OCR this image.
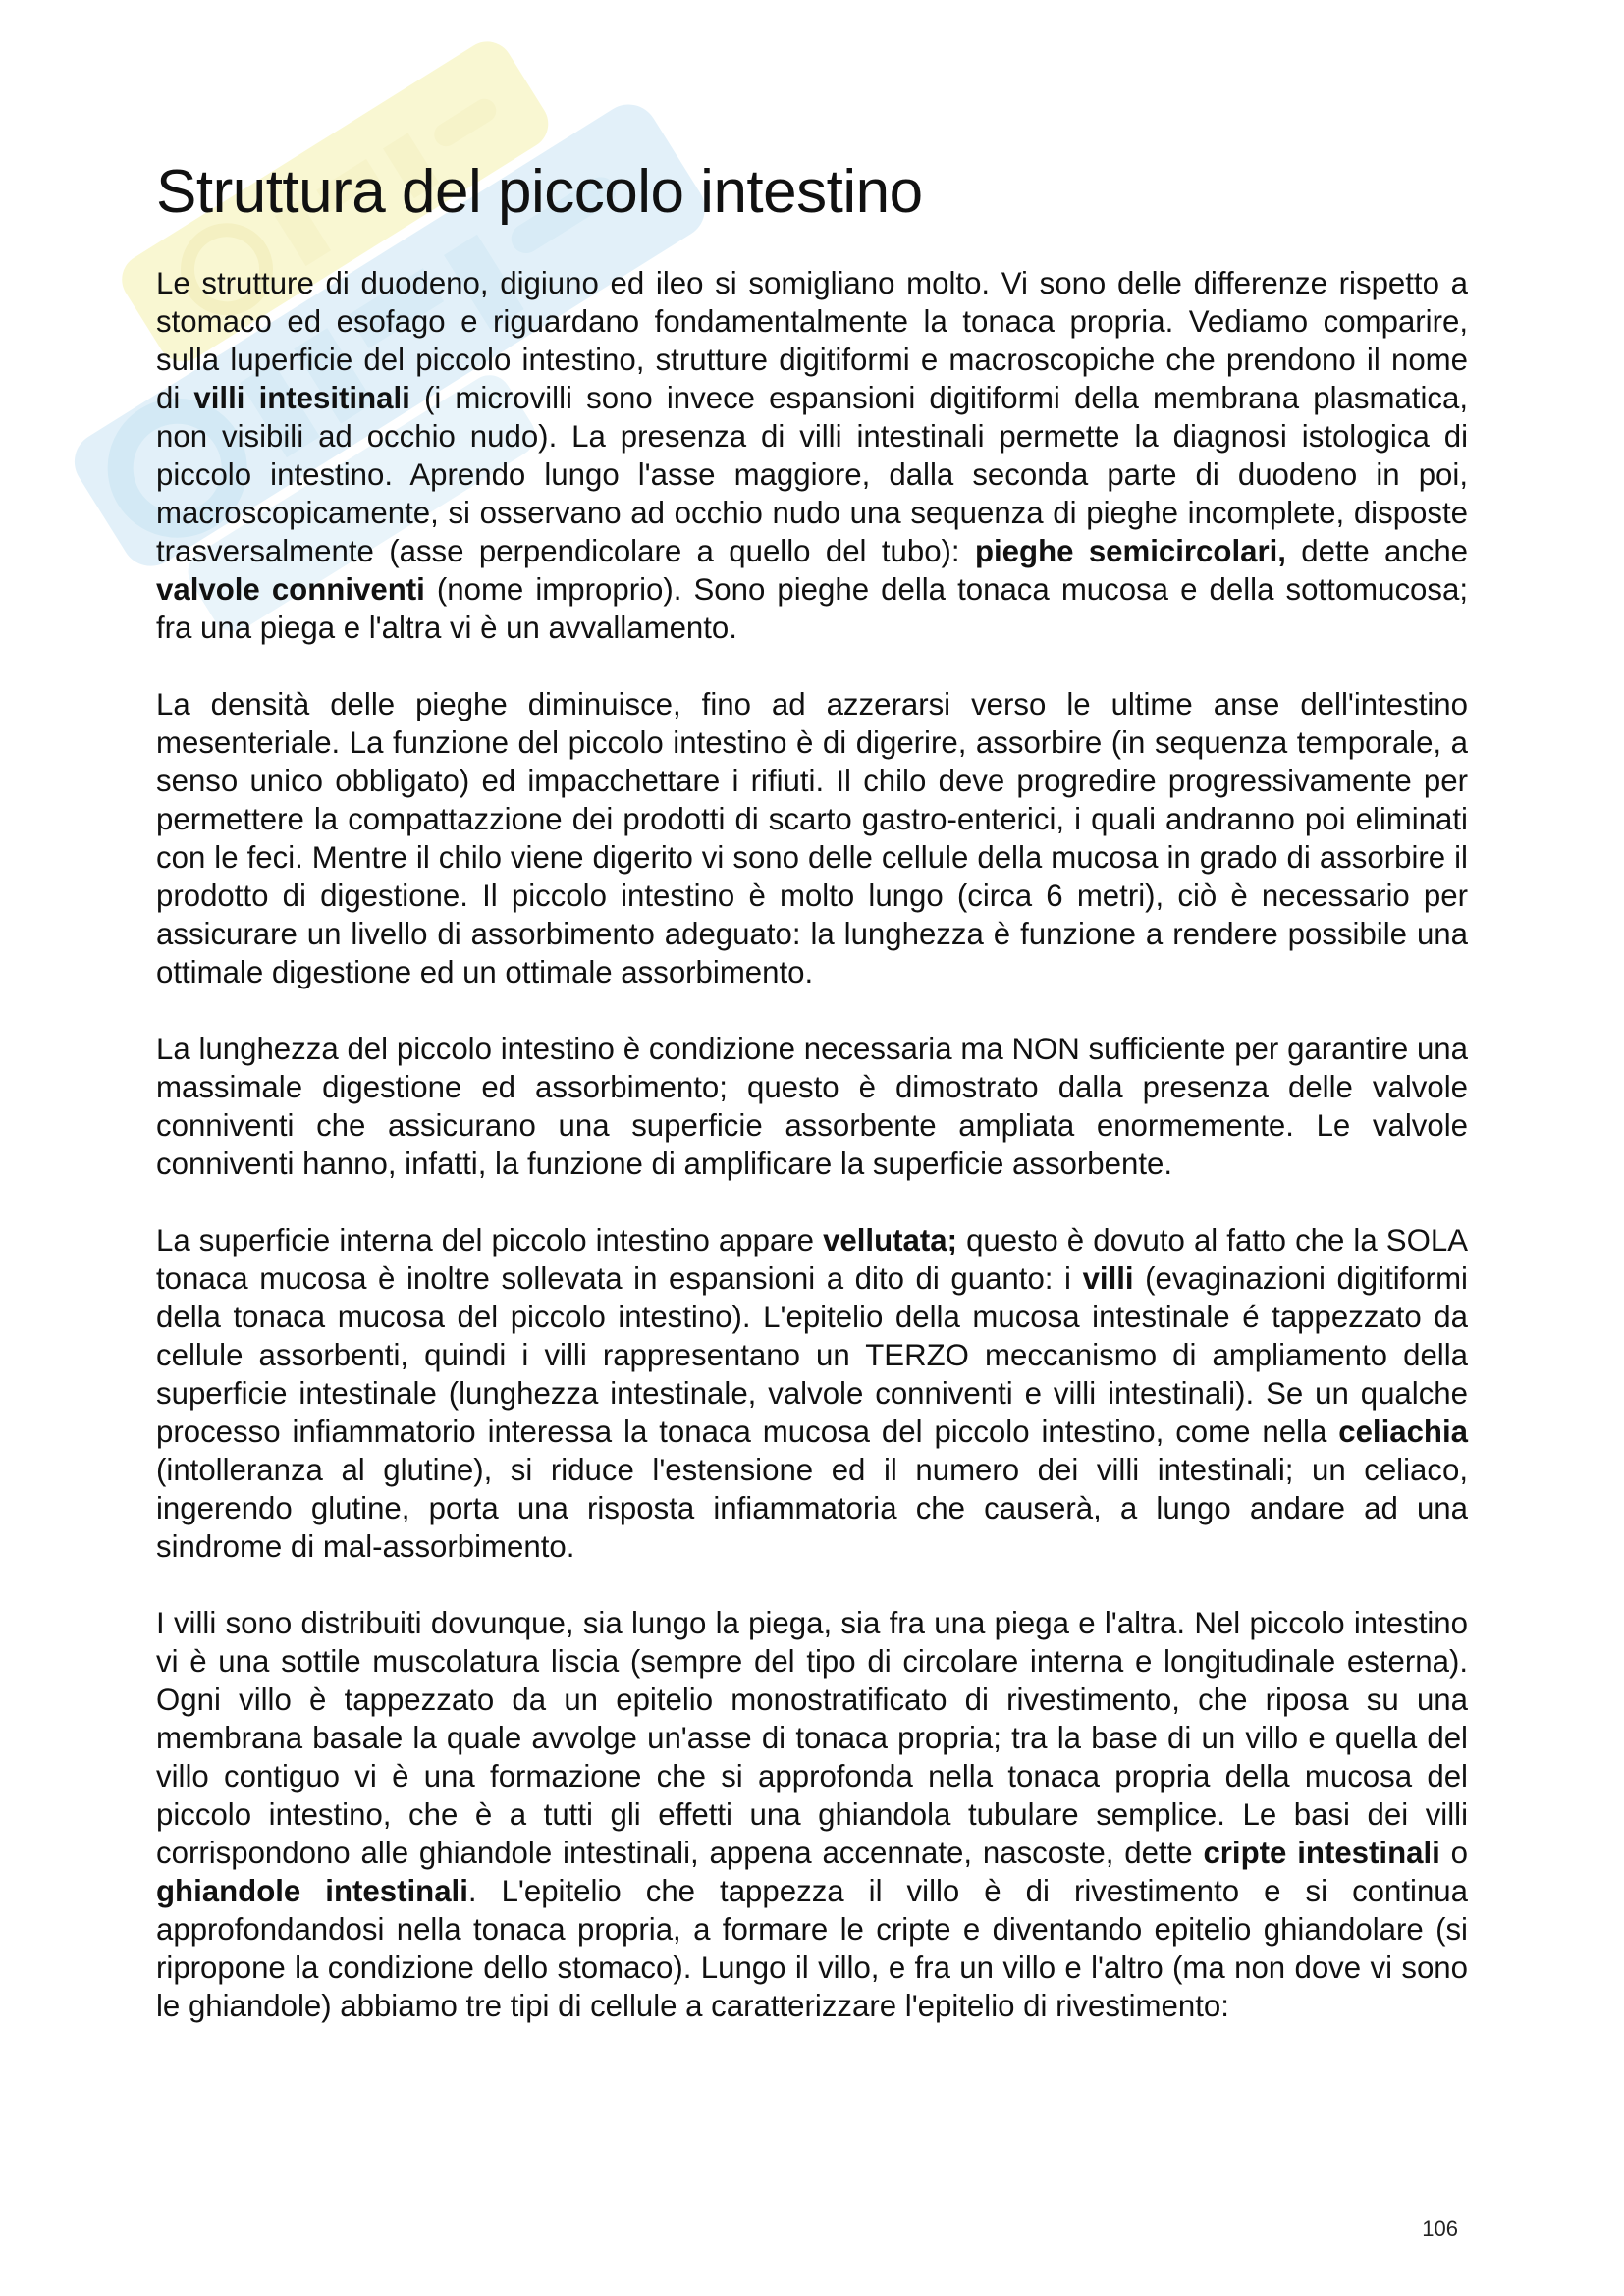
Struttura del piccolo intestino

Le strutture di duodeno, digiuno ed ileo si somigliano molto. Vi sono delle differenze rispetto a stomaco ed esofago e riguardano fondamentalmente la tonaca propria. Vediamo comparire, sulla luperficie del piccolo intestino, strutture digitiformi e macroscopiche che prendono il nome di villi intesitinali (i microvilli sono invece espansioni digitiformi della membrana plasmatica, non visibili ad occhio nudo). La presenza di villi intestinali permette la diagnosi istologica di piccolo intestino. Aprendo lungo l'asse maggiore, dalla seconda parte di duodeno in poi, macroscopicamente, si osservano ad occhio nudo una sequenza di pieghe incomplete, disposte trasversalmente (asse perpendicolare a quello del tubo): pieghe semicircolari, dette anche valvole conniventi (nome improprio). Sono pieghe della tonaca mucosa e della sottomucosa; fra una piega e l'altra vi è un avvallamento.

La densità delle pieghe diminuisce, fino ad azzerarsi verso le ultime anse dell'intestino mesenteriale. La funzione del piccolo intestino è di digerire, assorbire (in sequenza temporale, a senso unico obbligato) ed impacchettare i rifiuti. Il chilo deve progredire progressivamente per permettere la compattazzione dei prodotti di scarto gastro-enterici, i quali andranno poi eliminati con le feci. Mentre il chilo viene digerito vi sono delle cellule della mucosa in grado di assorbire il prodotto di digestione. Il piccolo intestino è molto lungo (circa 6 metri), ciò è necessario per assicurare un livello di assorbimento adeguato: la lunghezza è funzione a rendere possibile una ottimale digestione ed un ottimale assorbimento.

La lunghezza del piccolo intestino è condizione necessaria ma NON sufficiente per garantire una massimale digestione ed assorbimento; questo è dimostrato dalla presenza delle valvole conniventi che assicurano una superficie assorbente ampliata enormemente. Le valvole conniventi hanno, infatti, la funzione di amplificare la superficie assorbente.

La superficie interna del piccolo intestino appare vellutata; questo è dovuto al fatto che la SOLA tonaca mucosa è inoltre sollevata in espansioni a dito di guanto: i villi (evaginazioni digitiformi della tonaca mucosa del piccolo intestino). L'epitelio della mucosa intestinale é tappezzato da cellule assorbenti, quindi i villi rappresentano un TERZO meccanismo di ampliamento della superficie intestinale (lunghezza intestinale, valvole conniventi e villi intestinali). Se un qualche processo infiammatorio interessa la tonaca mucosa del piccolo intestino, come nella celiachia (intolleranza al glutine), si riduce l'estensione ed il numero dei villi intestinali; un celiaco, ingerendo glutine, porta una risposta infiammatoria che causerà, a lungo andare ad una sindrome di mal-assorbimento.

I villi sono distribuiti dovunque, sia lungo la piega, sia fra una piega e l'altra. Nel piccolo intestino vi è una sottile muscolatura liscia (sempre del tipo di circolare interna e longitudinale esterna). Ogni villo è tappezzato da un epitelio monostratificato di rivestimento, che riposa su una membrana basale la quale avvolge un'asse di tonaca propria; tra la base di un villo e quella del villo contiguo vi è una formazione che si approfonda nella tonaca propria della mucosa del piccolo intestino, che è a tutti gli effetti una ghiandola tubulare semplice. Le basi dei villi corrispondono alle ghiandole intestinali, appena accennate, nascoste, dette cripte intestinali o ghiandole intestinali. L'epitelio che tappezza il villo è di rivestimento e si continua approfondandosi nella tonaca propria, a formare le cripte e diventando epitelio ghiandolare (si ripropone la condizione dello stomaco). Lungo il villo, e fra un villo e l'altro (ma non dove vi sono le ghiandole) abbiamo tre tipi di cellule a caratterizzare l'epitelio di rivestimento:

106
